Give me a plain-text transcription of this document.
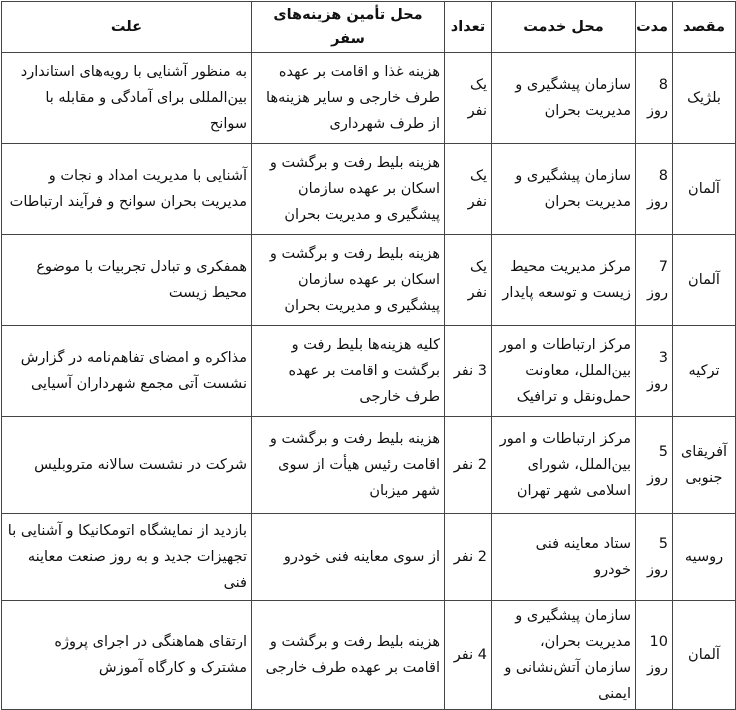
مقصد	مدت	محل خدمت	تعداد	محل تأمین هزینه‌های سفر	علت
بلژیک	8 روز	سازمان پیشگیری و مدیریت بحران	یک نفر	هزینه غذا و اقامت بر عهده طرف خارجی و سایر هزینه‌ها از طرف شهرداری	به منظور آشنایی با رویه‌های استاندارد بین‌المللی برای آمادگی و مقابله با سوانح
آلمان	8 روز	سازمان پیشگیری و مدیریت بحران	یک نفر	هزینه بلیط رفت و برگشت و اسکان بر عهده سازمان پیشگیری و مدیریت بحران	آشنایی با مدیریت امداد و نجات و مدیریت بحران سوانح و فرآیند ارتباطات
آلمان	7 روز	مرکز مدیریت محیط زیست و توسعه پایدار	یک نفر	هزینه بلیط رفت و برگشت و اسکان بر عهده سازمان پیشگیری و مدیریت بحران	همفکری و تبادل تجربیات با موضوع محیط زیست
ترکیه	3 روز	مرکز ارتباطات و امور بین‌الملل، معاونت حمل‌ونقل و ترافیک	3 نفر	کلیه هزینه‌ها بلیط رفت و برگشت و اقامت بر عهده طرف خارجی	مذاکره و امضای تفاهم‌نامه در گزارش نشست آتی مجمع شهرداران آسیایی
آفریقای جنوبی	5 روز	مرکز ارتباطات و امور بین‌الملل، شورای اسلامی شهر تهران	2 نفر	هزینه بلیط رفت و برگشت و اقامت رئیس هیأت از سوی شهر میزبان	شرکت در نشست سالانه متروبلیس
روسیه	5 روز	ستاد معاینه فنی خودرو	2 نفر	از سوی معاینه فنی خودرو	بازدید از نمایشگاه اتومکانیکا و آشنایی با تجهیزات جدید و به روز صنعت معاینه فنی
آلمان	10 روز	سازمان پیشگیری و مدیریت بحران، سازمان آتش‌نشانی و ایمنی	4 نفر	هزینه بلیط رفت و برگشت و اقامت بر عهده طرف خارجی	ارتقای هماهنگی در اجرای پروژه مشترک و کارگاه آموزش
